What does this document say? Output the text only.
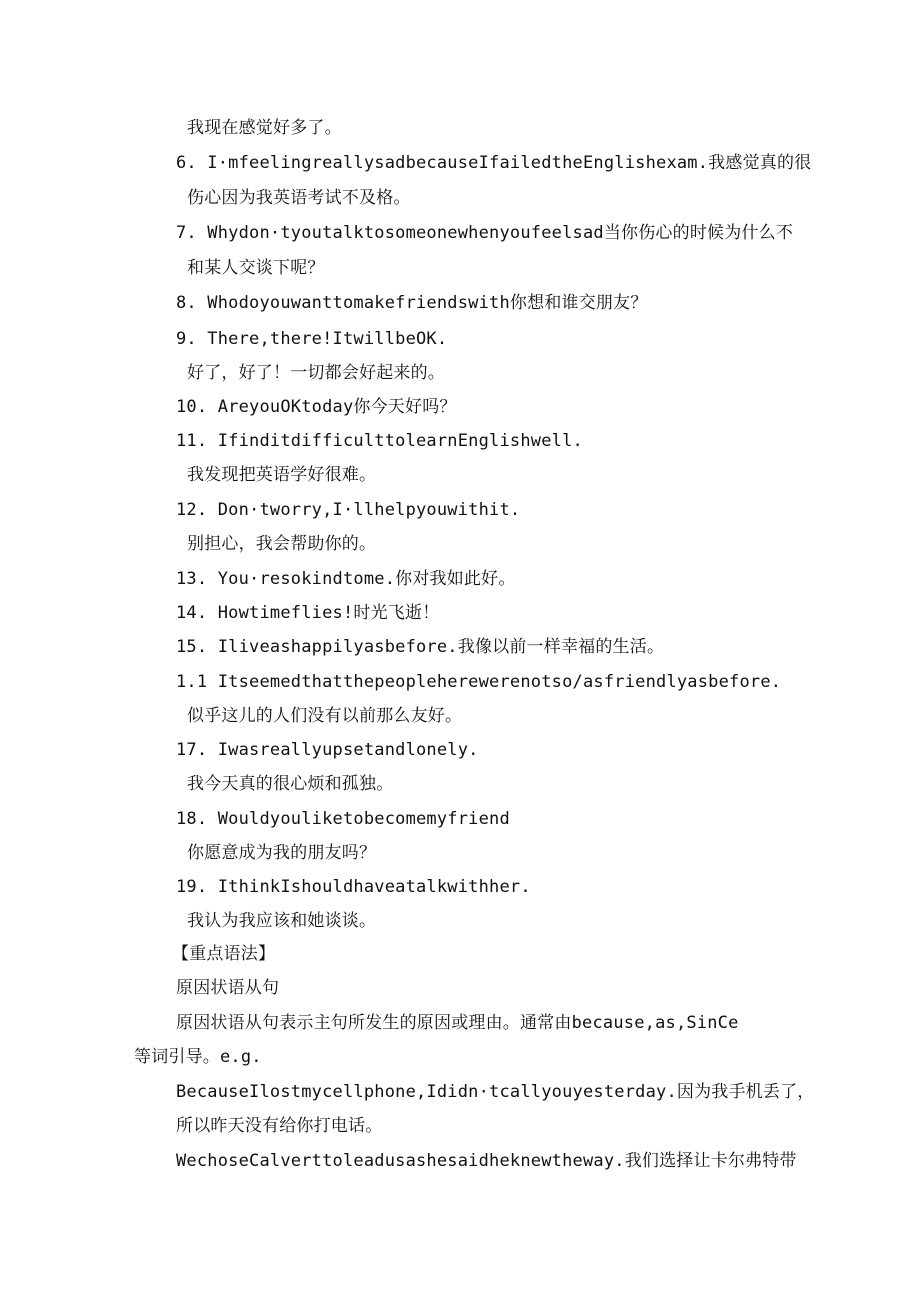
我现在感觉好多了。
6. I·mfeelingreallysadbecauseIfailedtheEnglishexam.我感觉真的很
伤心因为我英语考试不及格。
7. Whydon·tyoutalktosomeonewhenyoufeelsad当你伤心的时候为什么不
和某人交谈下呢？
8. Whodoyouwanttomakefriendswith你想和谁交朋友？
9. There,there!ItwillbeOK.
好了，好了！一切都会好起来的。
10. AreyouOKtoday你今天好吗？
11. IfinditdifficulttolearnEnglishwell.
我发现把英语学好很难。
12. Don·tworry,I·llhelpyouwithit.
别担心，我会帮助你的。
13. You·resokindtome.你对我如此好。
14. Howtimeflies!时光飞逝！
15. Iliveashappilyasbefore.我像以前一样幸福的生活。
1.1 Itseemedthatthepeopleherewerenotso/asfriendlyasbefore.
似乎这儿的人们没有以前那么友好。
17. Iwasreallyupsetandlonely.
我今天真的很心烦和孤独。
18. Wouldyouliketobecomemyfriend
你愿意成为我的朋友吗？
19. IthinkIshouldhaveatalkwithher.
我认为我应该和她谈谈。
【重点语法】
原因状语从句
原因状语从句表示主句所发生的原因或理由。通常由because,as,SinCe
等词引导。e.g.
BecauseIlostmycellphone,Ididn·tcallyouyesterday.因为我手机丢了，
所以昨天没有给你打电话。
WechoseCalverttoleadusashesaidheknewtheway.我们选择让卡尔弗特带
